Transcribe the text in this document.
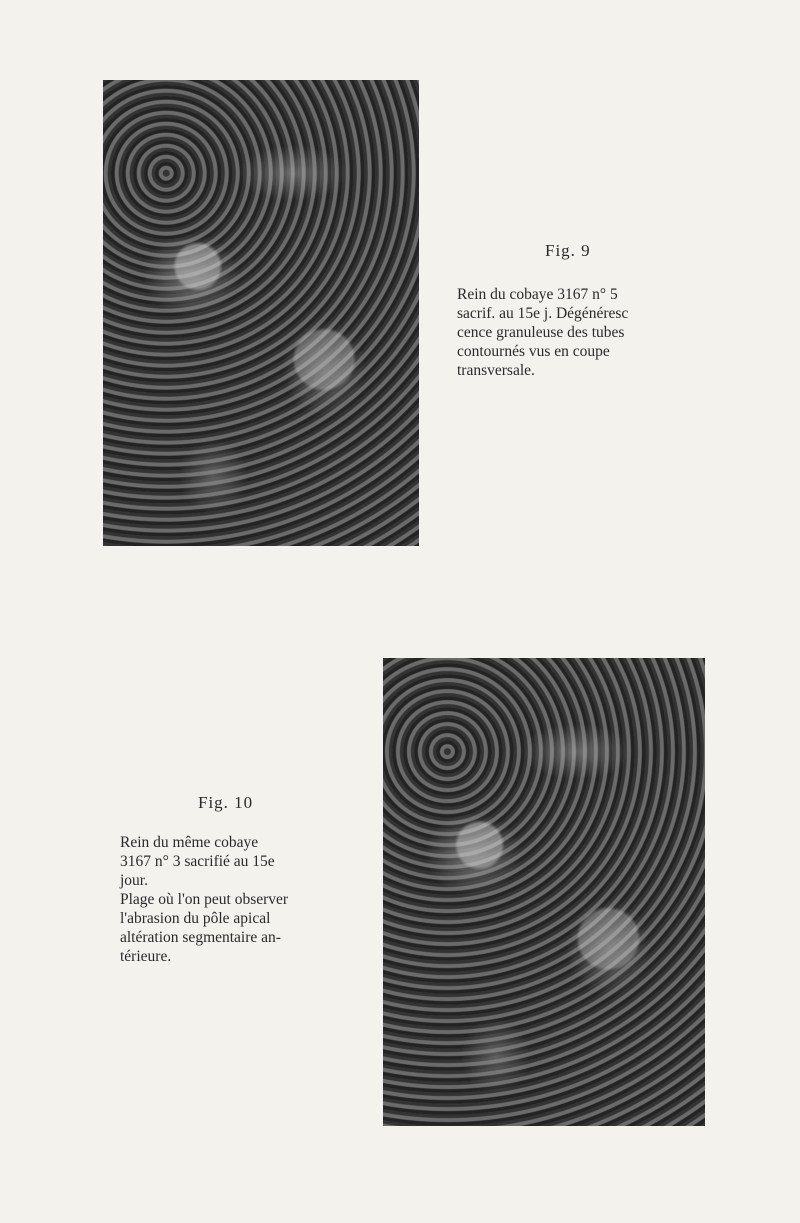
Fig. 9
Rein du cobaye 3167 n° 5
sacrif. au 15e j. Dégénéresc
cence granuleuse des tubes
contournés vus en coupe
transversale.
Fig. 10
Rein du même cobaye
3167 n° 3 sacrifié au 15e
jour.
Plage où l'on peut observer
l'abrasion du pôle apical
altération segmentaire an-
térieure.
